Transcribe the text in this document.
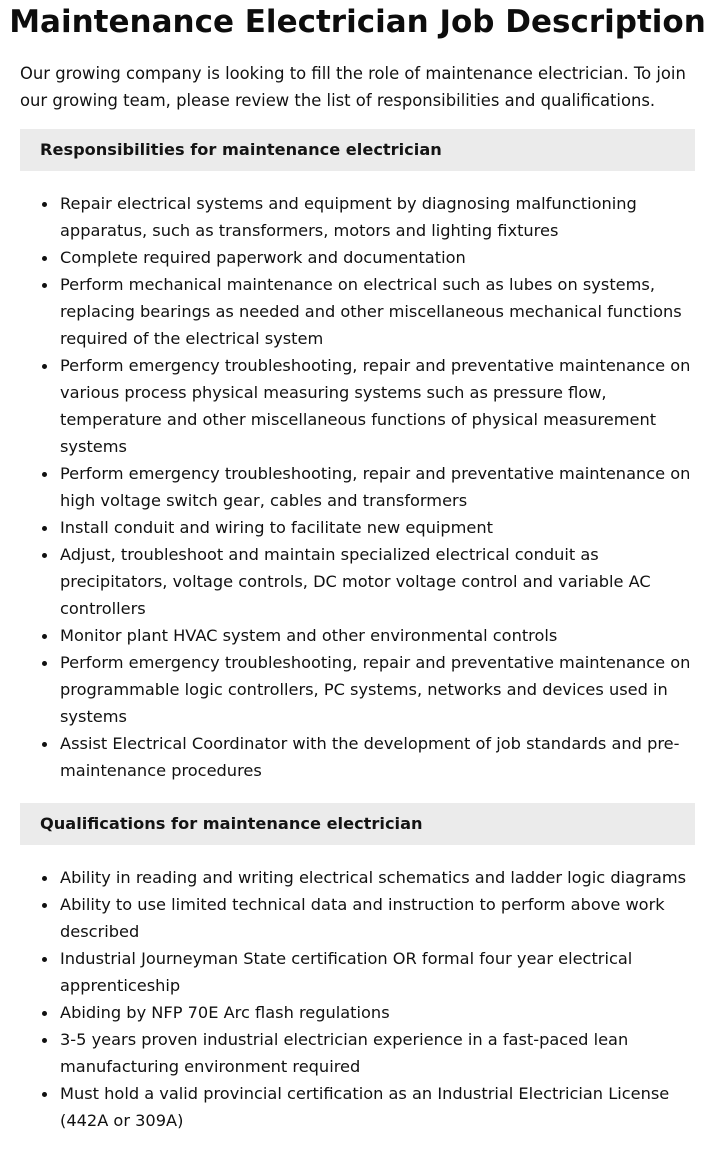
Maintenance Electrician Job Description

Our growing company is looking to fill the role of maintenance electrician. To join our growing team, please review the list of responsibilities and qualifications.

Responsibilities for maintenance electrician
Repair electrical systems and equipment by diagnosing malfunctioning apparatus, such as transformers, motors and lighting fixtures
Complete required paperwork and documentation
Perform mechanical maintenance on electrical such as lubes on systems, replacing bearings as needed and other miscellaneous mechanical functions required of the electrical system
Perform emergency troubleshooting, repair and preventative maintenance on various process physical measuring systems such as pressure flow, temperature and other miscellaneous functions of physical measurement systems
Perform emergency troubleshooting, repair and preventative maintenance on high voltage switch gear, cables and transformers
Install conduit and wiring to facilitate new equipment
Adjust, troubleshoot and maintain specialized electrical conduit as precipitators, voltage controls, DC motor voltage control and variable AC controllers
Monitor plant HVAC system and other environmental controls
Perform emergency troubleshooting, repair and preventative maintenance on programmable logic controllers, PC systems, networks and devices used in systems
Assist Electrical Coordinator with the development of job standards and pre-maintenance procedures
Qualifications for maintenance electrician
Ability in reading and writing electrical schematics and ladder logic diagrams
Ability to use limited technical data and instruction to perform above work described
Industrial Journeyman State certification OR formal four year electrical apprenticeship
Abiding by NFP 70E Arc flash regulations
3-5 years proven industrial electrician experience in a fast-paced lean manufacturing environment required
Must hold a valid provincial certification as an Industrial Electrician License (442A or 309A)
